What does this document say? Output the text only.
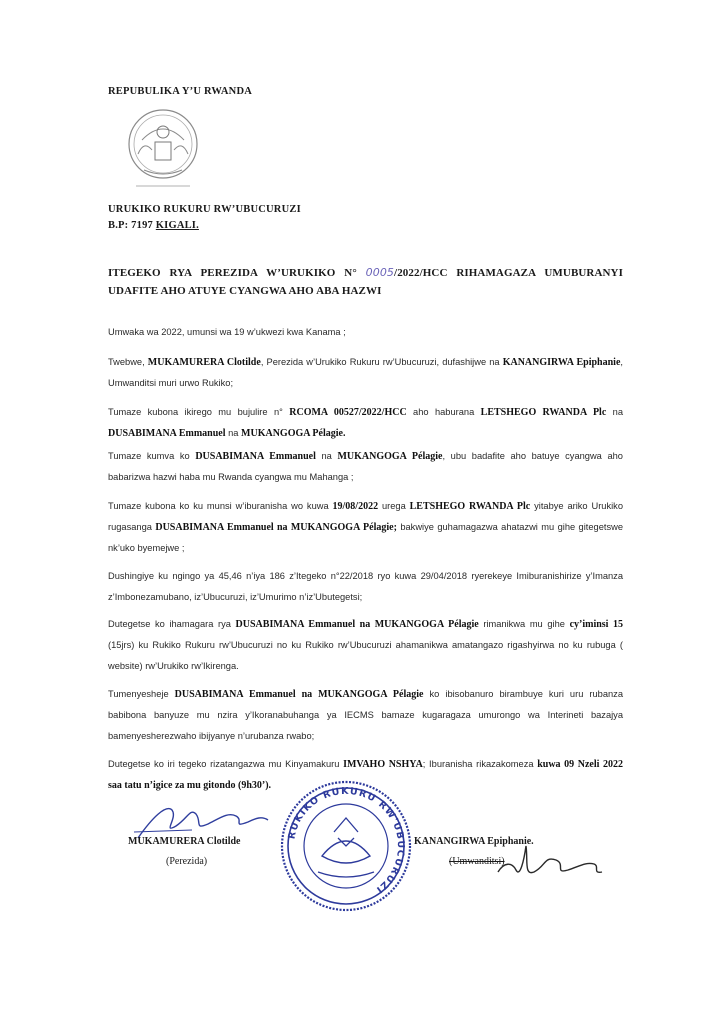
REPUBULIKA Y’U RWANDA
URUKIKO RUKURU RW’UBUCURUZI
B.P: 7197 KIGALI.
ITEGEKO RYA PEREZIDA W’URUKIKO N° 0005/2022/HCC RIHAMAGAZA UMUBURANYI UDAFITE AHO ATUYE CYANGWA AHO ABA HAZWI
Umwaka wa 2022, umunsi wa 19 w’ukwezi kwa Kanama ;
Twebwe, MUKAMURERA Clotilde, Perezida w’Urukiko Rukuru rw’Ubucuruzi, dufashijwe na KANANGIRWA Epiphanie, Umwanditsi muri urwo Rukiko;
Tumaze kubona ikirego mu bujulire n° RCOMA 00527/2022/HCC aho haburana LETSHEGO RWANDA Plc na DUSABIMANA Emmanuel na MUKANGOGA Pélagie.
Tumaze kumva ko DUSABIMANA Emmanuel na MUKANGOGA Pélagie, ubu badafite aho batuye cyangwa aho babarizwa hazwi haba mu Rwanda cyangwa mu Mahanga ;
Tumaze kubona ko ku munsi w’iburanisha wo kuwa 19/08/2022 urega LETSHEGO RWANDA Plc yitabye ariko Urukiko rugasanga DUSABIMANA Emmanuel na MUKANGOGA Pélagie; bakwiye guhamagazwa ahatazwi mu gihe gitegetswe nk’uko byemejwe ;
Dushingiye ku ngingo ya 45,46 n’iya 186 z’Itegeko n°22/2018 ryo kuwa 29/04/2018 ryerekeye Imiburanishirize y’Imanza z’Imbonezamubano, iz’Ubucuruzi, iz’Umurimo n’iz’Ubutegetsi;
Dutegetse ko ihamagara rya DUSABIMANA Emmanuel na MUKANGOGA Pélagie rimanikwa mu gihe cy’iminsi 15 (15jrs) ku Rukiko Rukuru rw’Ubucuruzi no ku Rukiko rw’Ubucuruzi ahamanikwa amatangazo rigashyirwa no ku rubuga ( website) rw’Urukiko rw’Ikirenga.
Tumenyesheje DUSABIMANA Emmanuel na MUKANGOGA Pélagie ko ibisobanuro birambuye kuri uru rubanza babibona banyuze mu nzira y’Ikoranabuhanga ya IECMS bamaze kugaragaza umurongo wa Interineti bazajya bamenyesherezwaho ibijyanye n’urubanza rwabo;
Dutegetse ko iri tegeko rizatangazwa mu Kinyamakuru IMVAHO NSHYA; Iburanisha rikazakomeza kuwa 09 Nzeli 2022 saa tatu n’igice za mu gitondo (9h30’).
RUKIKO RUKURU RW'UBUCURUZI
MUKAMURERA Clotilde
(Perezida)
KANANGIRWA Epiphanie.
(Umwanditsi)
